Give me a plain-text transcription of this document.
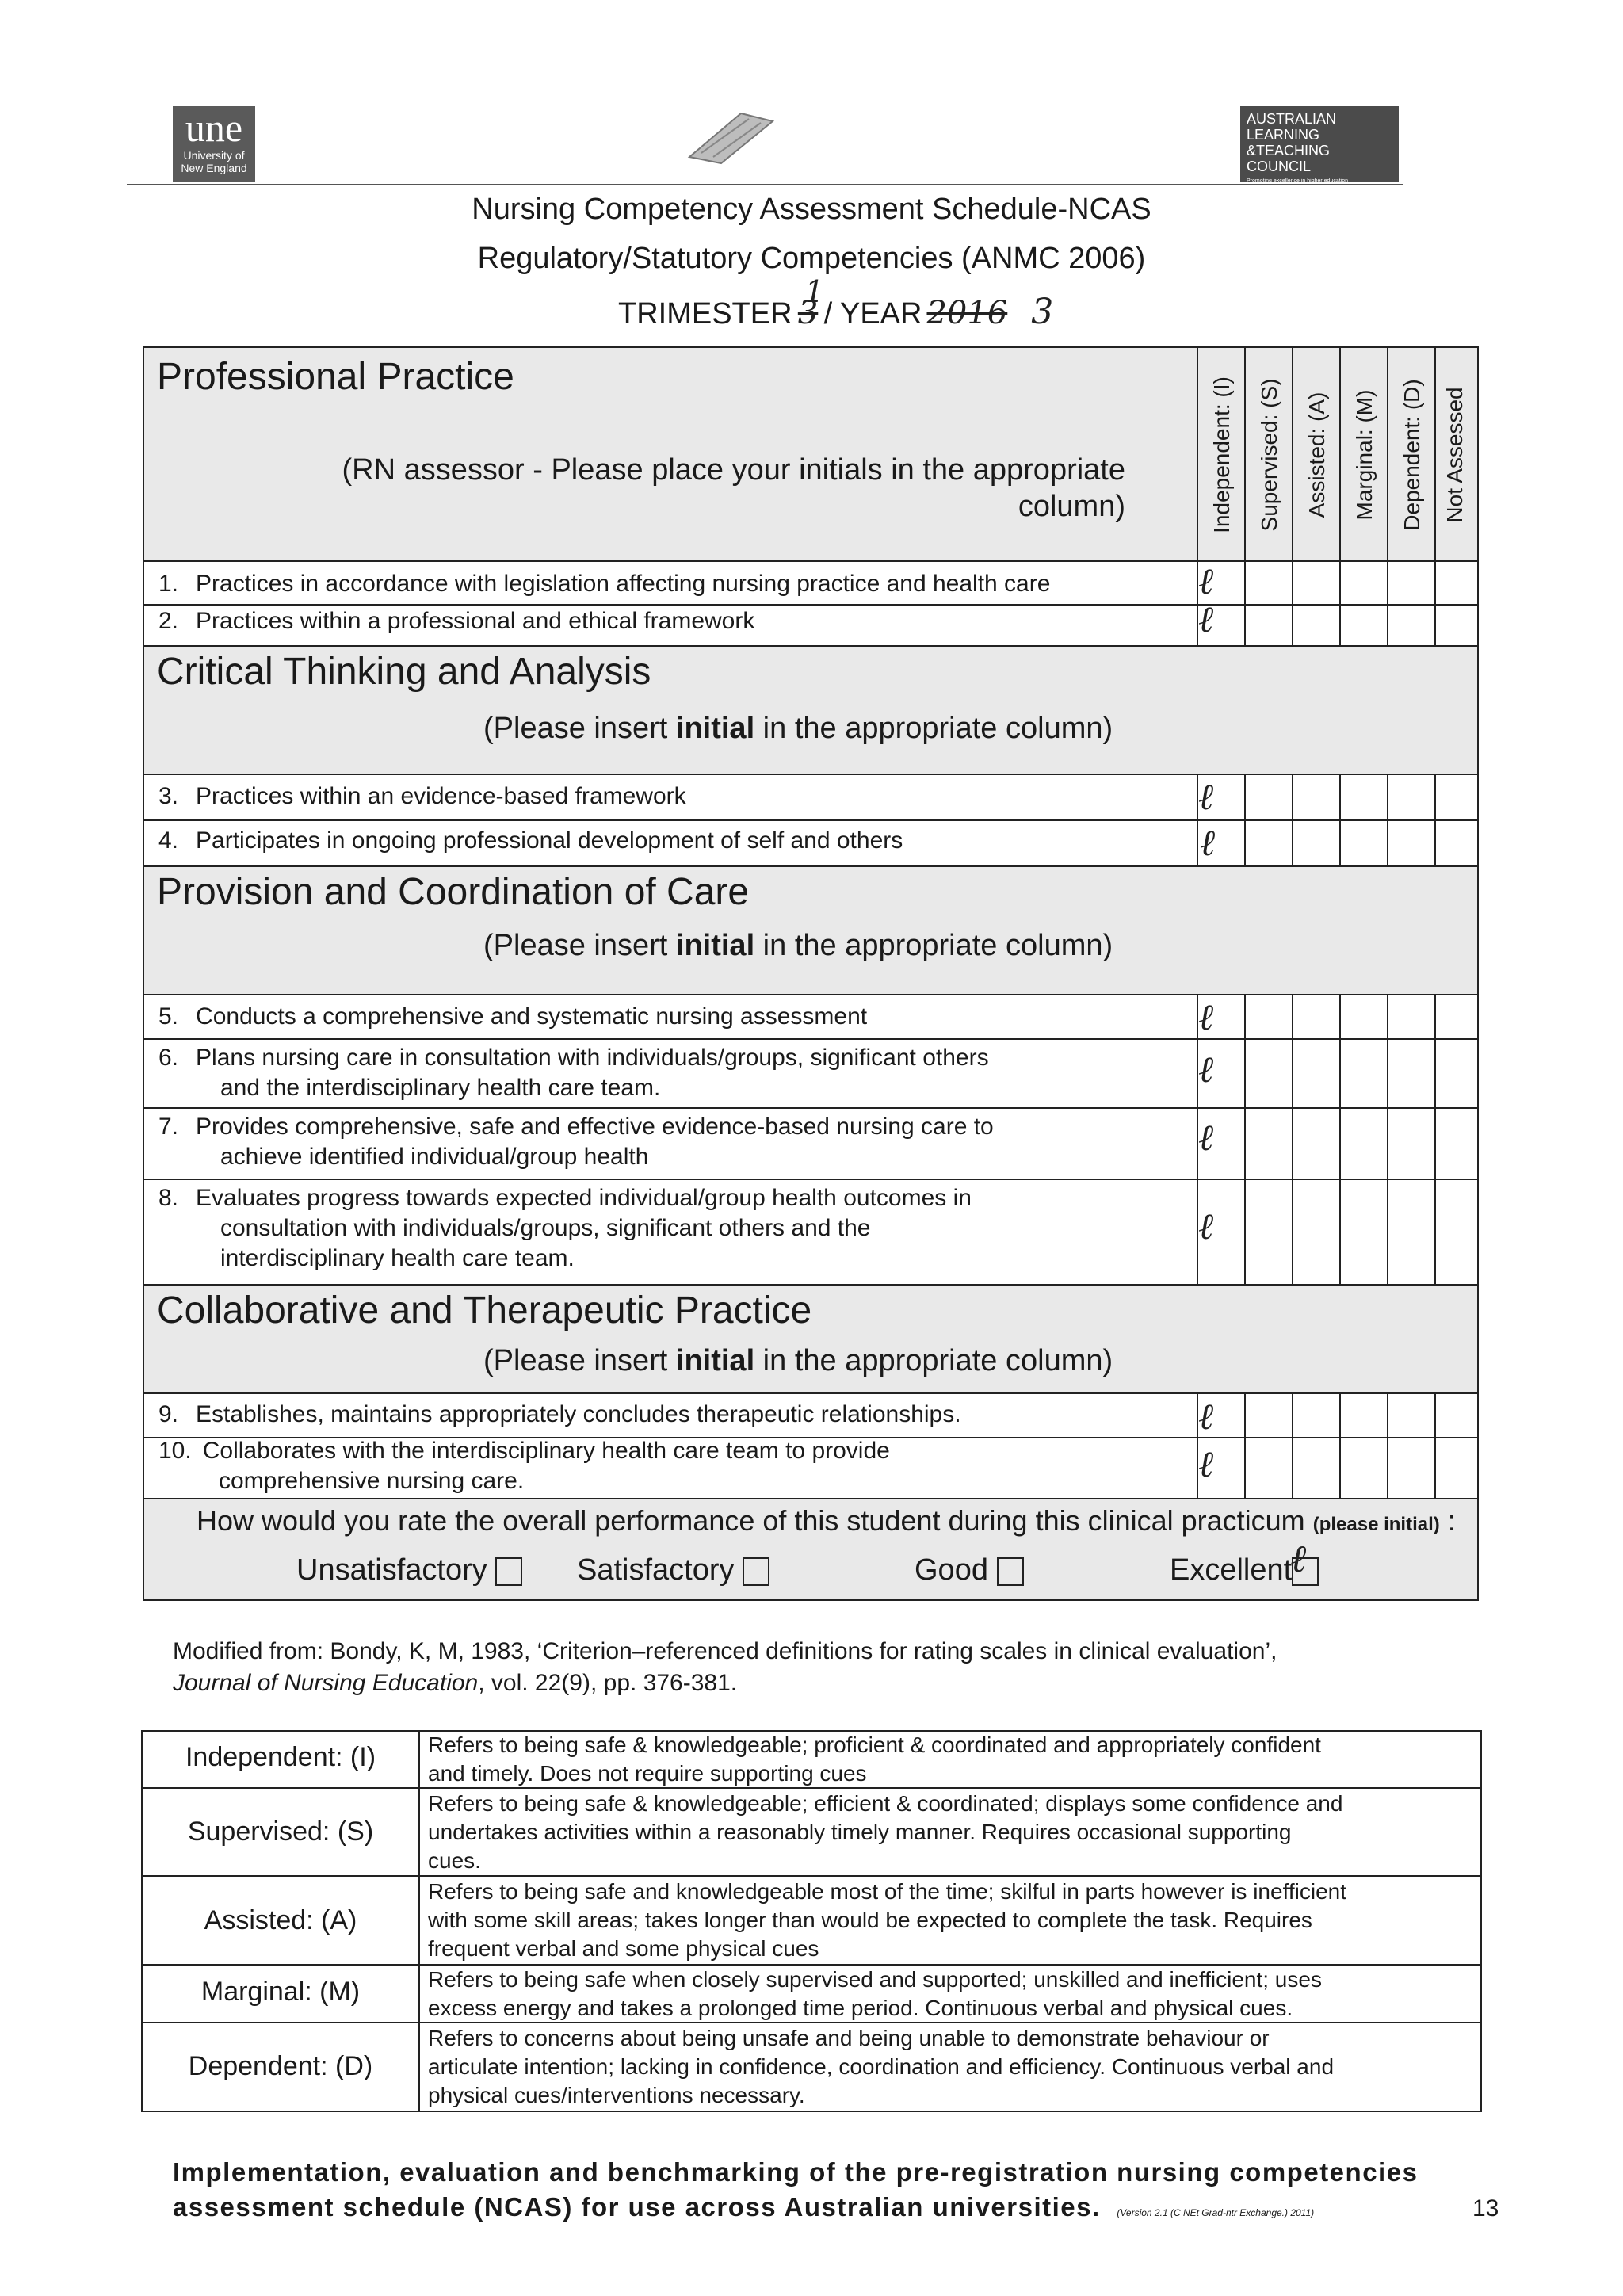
une
University of
New England
AUSTRALIAN
LEARNING
&TEACHING
COUNCIL
Promoting excellence in higher education
Nursing Competency Assessment Schedule-NCAS
Regulatory/Statutory Competencies (ANMC 2006)
TRIMESTER 3
1
/ YEAR 2016 3
Professional Practice
(RN assessor - Please place your initials in the appropriate column)	Independent: (I) Supervised: (S) Assisted: (A) Marginal: (M) Dependent: (D) Not Assessed
1. Practices in accordance with legislation affecting nursing practice and health care	ℓ
2. Practices within a professional and ethical framework	ℓ
Critical Thinking and Analysis
(Please insert initial in the appropriate column)
3. Practices within an evidence-based framework	ℓ
4. Participates in ongoing professional development of self and others	ℓ
Provision and Coordination of Care
(Please insert initial in the appropriate column)
5. Conducts a comprehensive and systematic nursing assessment	ℓ
6. Plans nursing care in consultation with individuals/groups, significant others
and the interdisciplinary health care team.	ℓ
7. Provides comprehensive, safe and effective evidence-based nursing care to
achieve identified individual/group health	ℓ
8. Evaluates progress towards expected individual/group health outcomes in
consultation with individuals/groups, significant others and the
interdisciplinary health care team.
ℓ
Collaborative and Therapeutic Practice
(Please insert initial in the appropriate column)
9. Establishes, maintains appropriately concludes therapeutic relationships.	ℓ
10. Collaborates with the interdisciplinary health care team to provide
comprehensive nursing care.	ℓ
How would you rate the overall performance of this student during this clinical practicum (please initial) :
Unsatisfactory	Satisfactory	Good	Excellent
ℓ
Modified from: Bondy, K, M, 1983, ‘Criterion–referenced definitions for rating scales in clinical evaluation’,
Journal of Nursing Education, vol. 22(9), pp. 376-381.
Independent: (I)	Refers to being safe & knowledgeable; proficient & coordinated and appropriately confident
and timely. Does not require supporting cues
Supervised: (S)
Refers to being safe & knowledgeable; efficient & coordinated; displays some confidence and
undertakes activities within a reasonably timely manner. Requires occasional supporting
cues.
Assisted: (A)
Refers to being safe and knowledgeable most of the time; skilful in parts however is inefficient
with some skill areas; takes longer than would be expected to complete the task. Requires
frequent verbal and some physical cues
Marginal: (M)	Refers to being safe when closely supervised and supported; unskilled and inefficient; uses
excess energy and takes a prolonged time period. Continuous verbal and physical cues.
Dependent: (D)
Refers to concerns about being unsafe and being unable to demonstrate behaviour or
articulate intention; lacking in confidence, coordination and efficiency. Continuous verbal and
physical cues/interventions necessary.
Implementation, evaluation and benchmarking of the pre-registration nursing competencies
assessment schedule (NCAS) for use across Australian universities. (Version 2.1 (C NEt Grad-ntr Exchange.) 2011)	13
